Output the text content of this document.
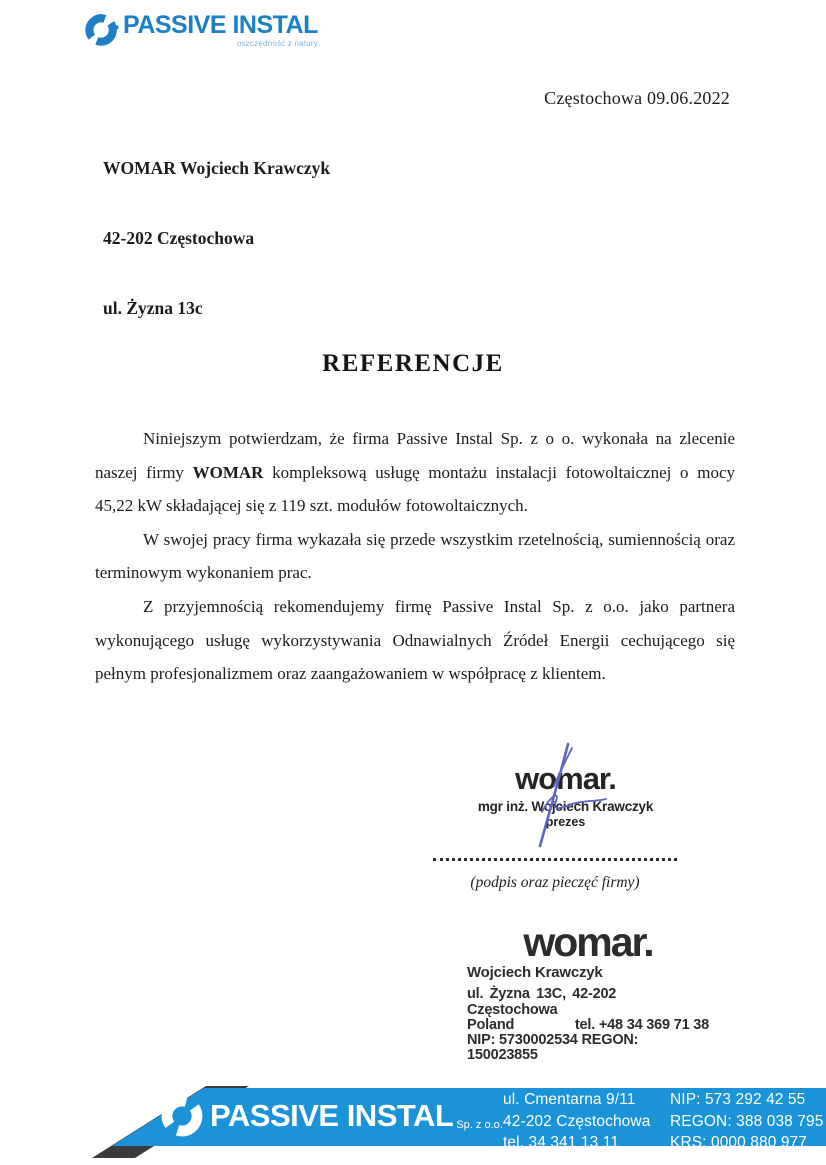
PASSIVE INSTAL
oszczędność z natury
Częstochowa 09.06.2022

WOMAR Wojciech Krawczyk

42-202 Częstochowa

ul. Żyzna 13c

REFERENCJE

Niniejszym potwierdzam, że firma Passive Instal Sp. z o o. wykonała na zlecenie naszej firmy WOMAR kompleksową usługę montażu instalacji fotowoltaicznej o mocy 45,22 kW składającej się z 119 szt. modułów fotowoltaicznych.

W swojej pracy firma wykazała się przede wszystkim rzetelnością, sumiennością oraz terminowym wykonaniem prac.

Z przyjemnością rekomendujemy firmę Passive Instal Sp. z o.o. jako partnera wykonującego usługę wykorzystywania Odnawialnych Źródeł Energii cechującego się pełnym profesjonalizmem oraz zaangażowaniem w współpracę z klientem.

womar.
mgr inż. Wojciech Krawczyk
prezes
(podpis oraz pieczęć firmy)
womar.
Wojciech Krawczyk
ul. Żyzna 13C, 42-202 Częstochowa
Poland	tel. +48 34 369 71 38
NIP: 5730002534 REGON: 150023855
PASSIVE INSTAL Sp. z o.o.
ul. Cmentarna 9/11
42-202 Częstochowa
tel. 34 341 13 11
NIP: 573 292 42 55
REGON: 388 038 795
KRS: 0000 880 977
